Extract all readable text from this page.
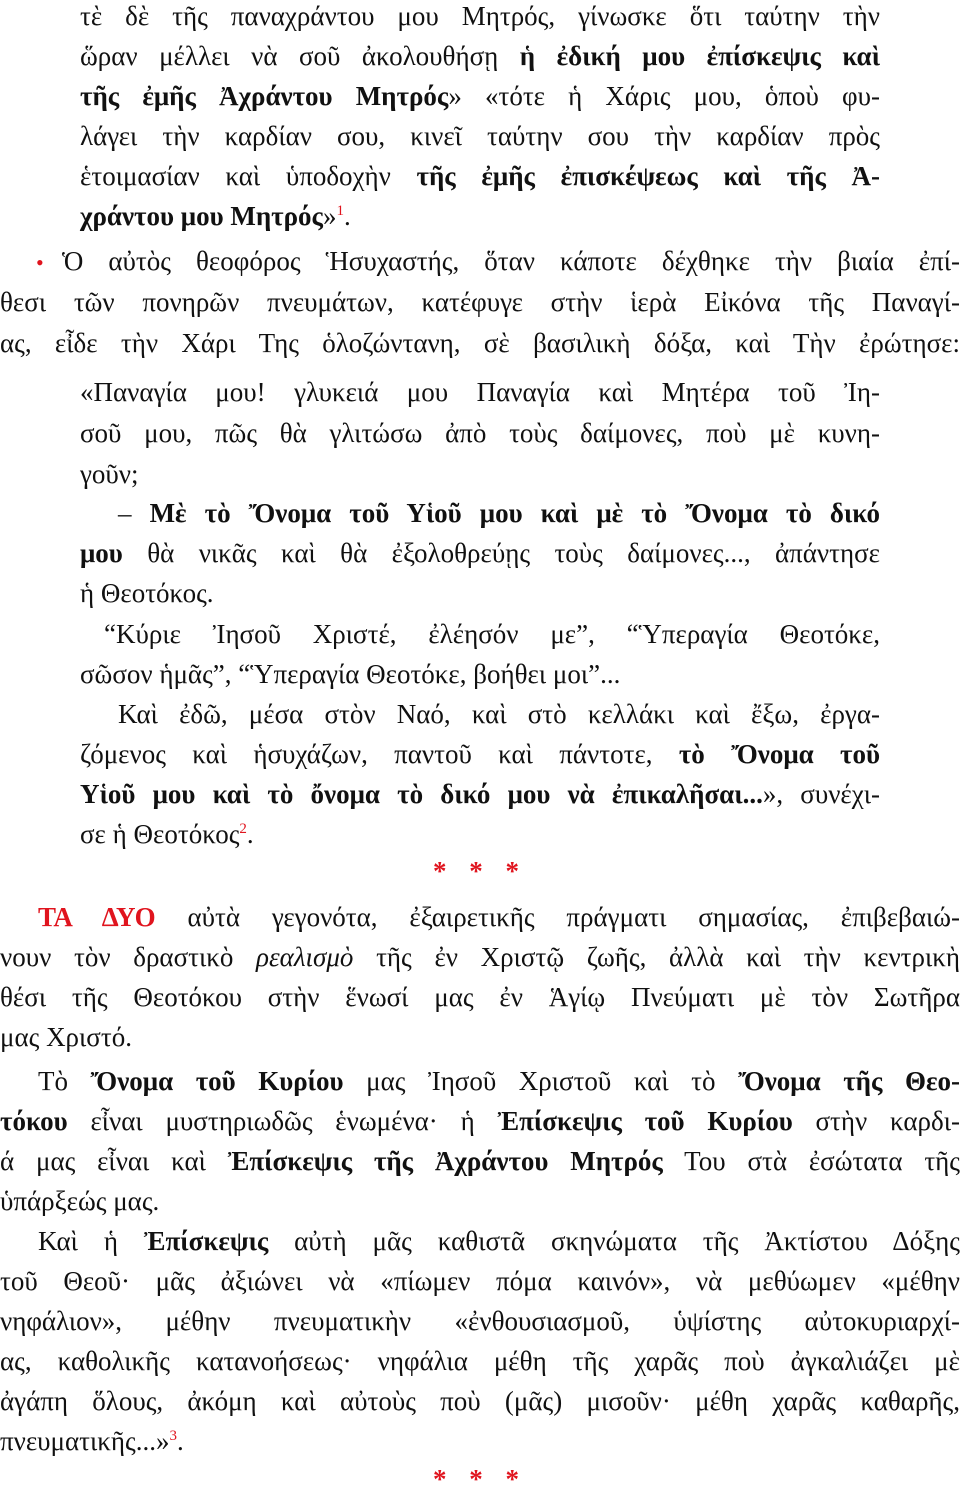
τὲ δὲ τῆς παναχράντου μου Μητρός, γίνωσκε ὅτι ταύτην τὴν
ὥραν μέλλει νὰ σοῦ ἀκολουθήσῃ ἡ ἐδική μου ἐπίσκεψις καὶ
τῆς ἐμῆς Ἀχράντου Μητρός» «τότε ἡ Χάρις μου, ὁποὺ φυ-
λάγει τὴν καρδίαν σου, κινεῖ ταύτην σου τὴν καρδίαν πρὸς
ἑτοιμασίαν καὶ ὑποδοχὴν τῆς ἐμῆς ἐπισκέψεως καὶ τῆς Ἀ-
χράντου μου Μητρός»$^1$.
• Ὁ αὐτὸς θεοφόρος Ἡσυχαστής, ὅταν κάποτε δέχθηκε τὴν βιαία ἐπί-
θεσι τῶν πονηρῶν πνευμάτων, κατέφυγε στὴν ἱερὰ Εἰκόνα τῆς Παναγί-
ας, εἶδε τὴν Χάρι Της ὁλοζώντανη, σὲ βασιλικὴ δόξα, καὶ Τὴν ἐρώτησε:
«Παναγία μου! γλυκειά μου Παναγία καὶ Μητέρα τοῦ Ἰη-
σοῦ μου, πῶς θὰ γλιτώσω ἀπὸ τοὺς δαίμονες, ποὺ μὲ κυνη-
γοῦν;
– Μὲ τὸ Ὄνομα τοῦ Υἱοῦ μου καὶ μὲ τὸ Ὄνομα τὸ δικό
μου θὰ νικᾶς καὶ θὰ ἐξολοθρεύῃς τοὺς δαίμονες..., ἀπάντησε
ἡ Θεοτόκος.
“Κύριε Ἰησοῦ Χριστέ, ἐλέησόν με”, “Ὑπεραγία Θεοτόκε,
σῶσον ἡμᾶς”, “Ὑπεραγία Θεοτόκε, βοήθει μοι”...
Καὶ ἐδῶ, μέσα στὸν Ναό, καὶ στὸ κελλάκι καὶ ἔξω, ἐργα-
ζόμενος καὶ ἡσυχάζων, παντοῦ καὶ πάντοτε, τὸ Ὄνομα τοῦ
Υἱοῦ μου καὶ τὸ ὄνομα τὸ δικό μου νὰ ἐπικαλῆσαι...», συνέχι-
σε ἡ Θεοτόκος$^2$.
* * *
ΤΑ ΔΥΟ αὐτὰ γεγονότα, ἐξαιρετικῆς πράγματι σημασίας, ἐπιβεβαιώ-
νουν τὸν δραστικὸ ρεαλισμὸ τῆς ἐν Χριστῷ ζωῆς, ἀλλὰ καὶ τὴν κεντρικὴ
θέσι τῆς Θεοτόκου στὴν ἕνωσί μας ἐν Ἁγίῳ Πνεύματι μὲ τὸν Σωτῆρα
μας Χριστό.
Τὸ Ὄνομα τοῦ Κυρίου μας Ἰησοῦ Χριστοῦ καὶ τὸ Ὄνομα τῆς Θεο-
τόκου εἶναι μυστηριωδῶς ἑνωμένα· ἡ Ἐπίσκεψις τοῦ Κυρίου στὴν καρδι-
ά μας εἶναι καὶ Ἐπίσκεψις τῆς Ἀχράντου Μητρός Του στὰ ἐσώτατα τῆς
ὑπάρξεώς μας.
Καὶ ἡ Ἐπίσκεψις αὐτὴ μᾶς καθιστᾶ σκηνώματα τῆς Ἀκτίστου Δόξης
τοῦ Θεοῦ· μᾶς ἀξιώνει νὰ «πίωμεν πόμα καινόν», νὰ μεθύωμεν «μέθην
νηφάλιον», μέθην πνευματικὴν «ἐνθουσιασμοῦ, ὑψίστης αὐτοκυριαρχί-
ας, καθολικῆς κατανοήσεως· νηφάλια μέθη τῆς χαρᾶς ποὺ ἀγκαλιάζει μὲ
ἀγάπη ὅλους, ἀκόμη καὶ αὐτοὺς ποὺ (μᾶς) μισοῦν· μέθη χαρᾶς καθαρῆς,
πνευματικῆς...»$^3$.
* * *
